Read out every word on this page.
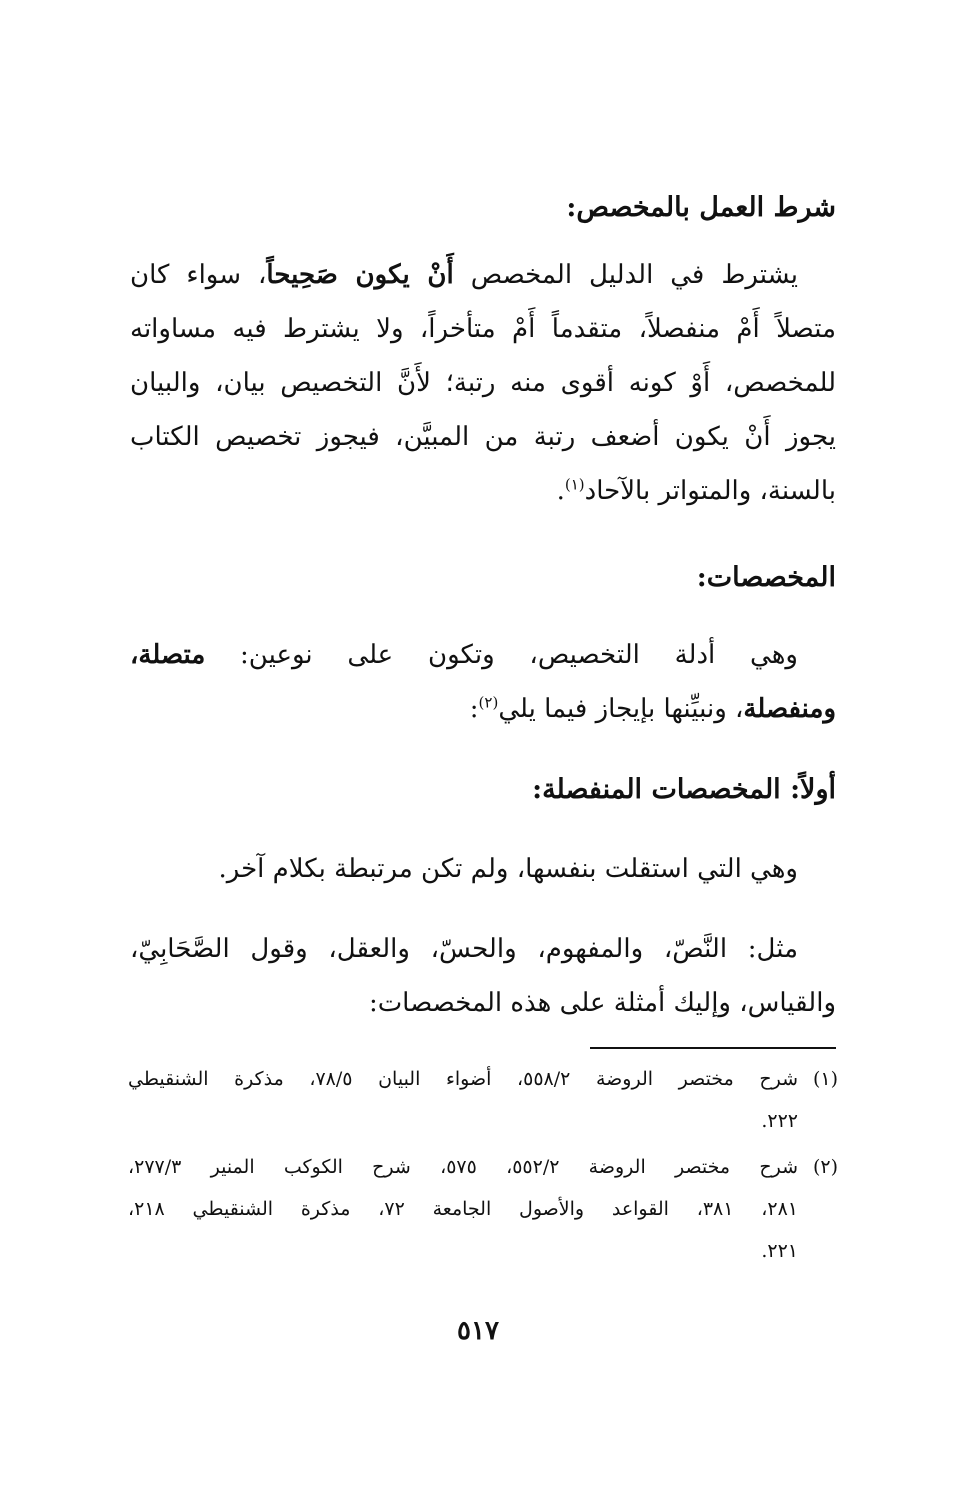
شرط العمل بالمخصص:
يشترط في الدليل المخصص أَنْ يكون صَحِيحاً، سواء كان
متصلاً أَمْ منفصلاً، متقدماً أَمْ متأخراً، ولا يشترط فيه مساواته
للمخصص، أَوْ كونه أقوى منه رتبة؛ لأَنَّ التخصيص بيان، والبيان
يجوز أَنْ يكون أضعف رتبة من المبيَّن، فيجوز تخصيص الكتاب
بالسنة، والمتواتر بالآحاد$^{(١)}$.
المخصصات:
وهي أدلة التخصيص، وتكون على نوعين: متصلة،
ومنفصلة، ونبيِّنها بإيجاز فيما يلي$^{(٢)}$:
أولاً: المخصصات المنفصلة:
وهي التي استقلت بنفسها، ولم تكن مرتبطة بكلام آخر.
مثل: النَّصّ، والمفهوم، والحسّ، والعقل، وقول الصَّحَابِيّ،
والقياس، وإليك أمثلة على هذه المخصصات:
(١)
شرح مختصر الروضة ٥٥٨/٢، أضواء البيان ٧٨/٥، مذكرة الشنقيطي
٢٢٢.
(٢)
شرح مختصر الروضة ٥٥٢/٢، ٥٧٥، شرح الكوكب المنير ٢٧٧/٣،
٢٨١، ٣٨١، القواعد والأصول الجامعة ٧٢، مذكرة الشنقيطي ٢١٨،
٢٢١.
٥١٧
